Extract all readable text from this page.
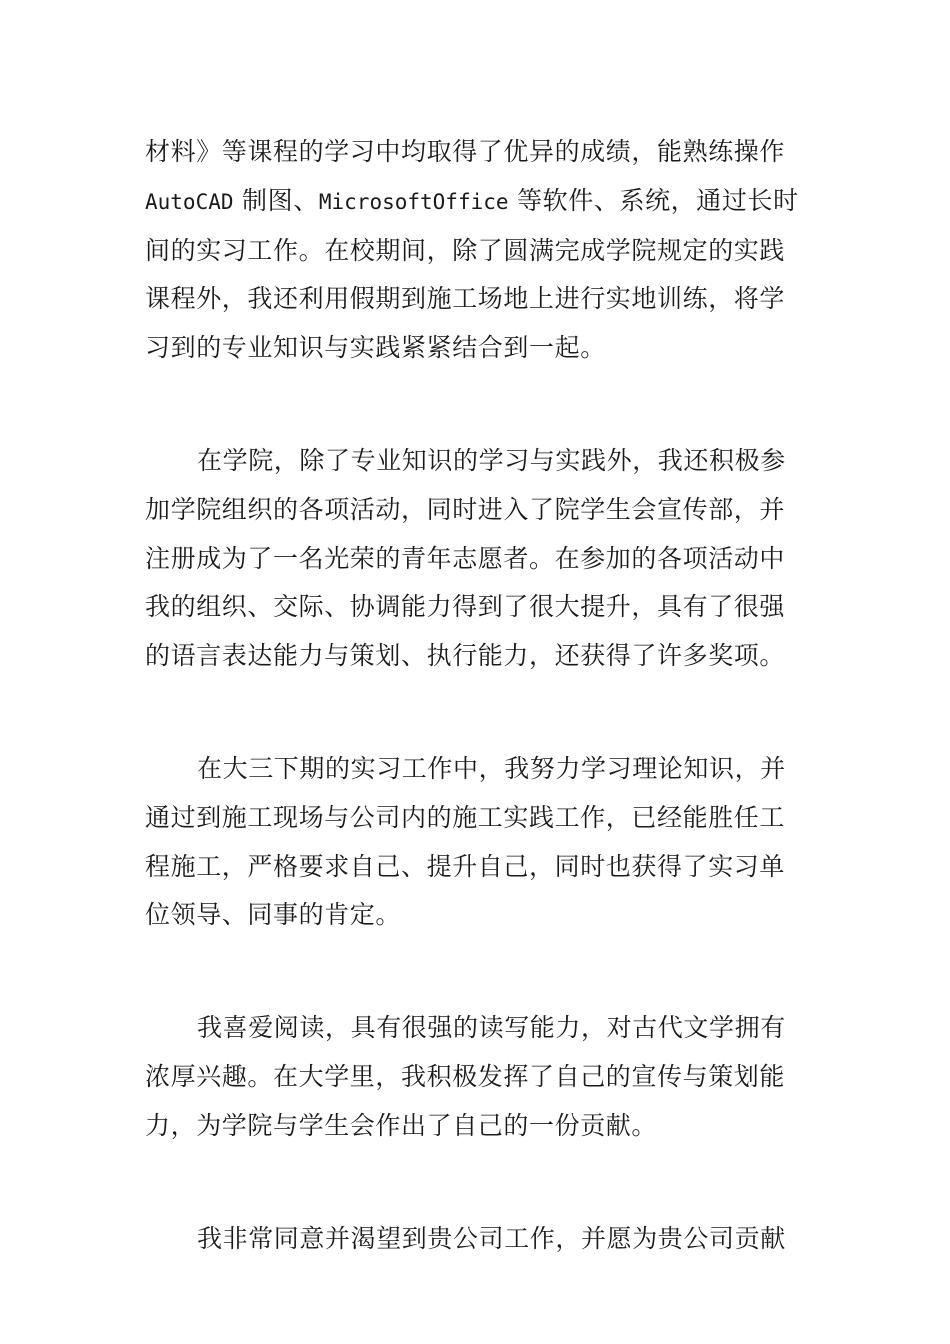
材料》等课程的学习中均取得了优异的成绩，能熟练操作
AutoCAD 制图、MicrosoftOffice 等软件、系统，通过长时
间的实习工作。在校期间，除了圆满完成学院规定的实践
课程外，我还利用假期到施工场地上进行实地训练，将学
习到的专业知识与实践紧紧结合到一起。

在学院，除了专业知识的学习与实践外，我还积极参
加学院组织的各项活动，同时进入了院学生会宣传部，并
注册成为了一名光荣的青年志愿者。在参加的各项活动中
我的组织、交际、协调能力得到了很大提升，具有了很强
的语言表达能力与策划、执行能力，还获得了许多奖项。

在大三下期的实习工作中，我努力学习理论知识，并
通过到施工现场与公司内的施工实践工作，已经能胜任工
程施工，严格要求自己、提升自己，同时也获得了实习单
位领导、同事的肯定。

我喜爱阅读，具有很强的读写能力，对古代文学拥有
浓厚兴趣。在大学里，我积极发挥了自己的宣传与策划能
力，为学院与学生会作出了自己的一份贡献。

我非常同意并渴望到贵公司工作，并愿为贵公司贡献
